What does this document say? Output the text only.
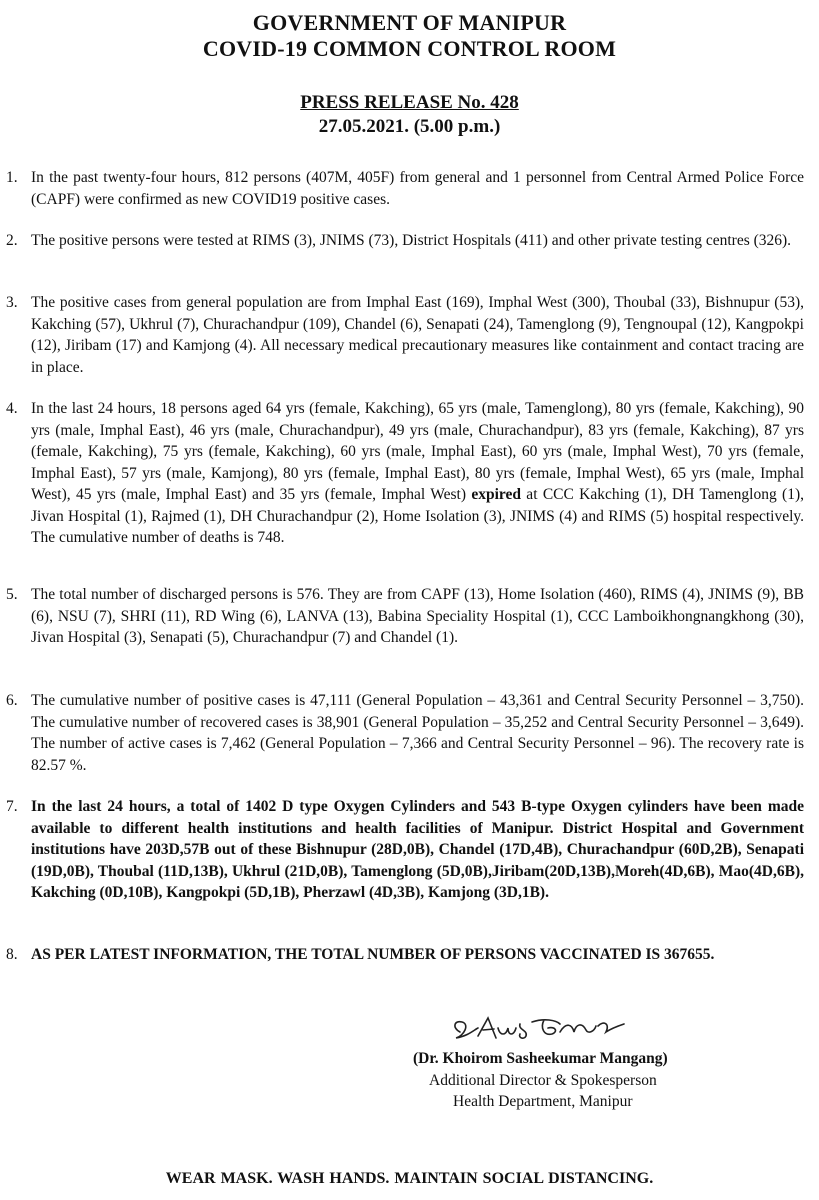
GOVERNMENT OF MANIPUR
COVID-19 COMMON CONTROL ROOM
PRESS RELEASE No. 428
27.05.2021. (5.00 p.m.)
1. In the past twenty-four hours, 812 persons (407M, 405F) from general and 1 personnel from Central Armed Police Force (CAPF) were confirmed as new COVID19 positive cases.
2. The positive persons were tested at RIMS (3), JNIMS (73), District Hospitals (411) and other private testing centres (326).
3. The positive cases from general population are from Imphal East (169), Imphal West (300), Thoubal (33), Bishnupur (53), Kakching (57), Ukhrul (7), Churachandpur (109), Chandel (6), Senapati (24), Tamenglong (9), Tengnoupal (12), Kangpokpi (12), Jiribam (17) and Kamjong (4). All necessary medical precautionary measures like containment and contact tracing are in place.
4. In the last 24 hours, 18 persons aged 64 yrs (female, Kakching), 65 yrs (male, Tamenglong), 80 yrs (female, Kakching), 90 yrs (male, Imphal East), 46 yrs (male, Churachandpur), 49 yrs (male, Churachandpur), 83 yrs (female, Kakching), 87 yrs (female, Kakching), 75 yrs (female, Kakching), 60 yrs (male, Imphal East), 60 yrs (male, Imphal West), 70 yrs (female, Imphal East), 57 yrs (male, Kamjong), 80 yrs (female, Imphal East), 80 yrs (female, Imphal West), 65 yrs (male, Imphal West), 45 yrs (male, Imphal East) and 35 yrs (female, Imphal West) expired at CCC Kakching (1), DH Tamenglong (1), Jivan Hospital (1), Rajmed (1), DH Churachandpur (2), Home Isolation (3), JNIMS (4) and RIMS (5) hospital respectively. The cumulative number of deaths is 748.
5. The total number of discharged persons is 576. They are from CAPF (13), Home Isolation (460), RIMS (4), JNIMS (9), BB (6), NSU (7), SHRI (11), RD Wing (6), LANVA (13), Babina Speciality Hospital (1), CCC Lamboikhongnangkhong (30), Jivan Hospital (3), Senapati (5), Churachandpur (7) and Chandel (1).
6. The cumulative number of positive cases is 47,111 (General Population – 43,361 and Central Security Personnel – 3,750). The cumulative number of recovered cases is 38,901 (General Population – 35,252 and Central Security Personnel – 3,649). The number of active cases is 7,462 (General Population – 7,366 and Central Security Personnel – 96). The recovery rate is 82.57 %.
7. In the last 24 hours, a total of 1402 D type Oxygen Cylinders and 543 B-type Oxygen cylinders have been made available to different health institutions and health facilities of Manipur. District Hospital and Government institutions have 203D,57B out of these Bishnupur (28D,0B), Chandel (17D,4B), Churachandpur (60D,2B), Senapati (19D,0B), Thoubal (11D,13B), Ukhrul (21D,0B), Tamenglong (5D,0B),Jiribam(20D,13B),Moreh(4D,6B), Mao(4D,6B), Kakching (0D,10B), Kangpokpi (5D,1B), Pherzawl (4D,3B), Kamjong (3D,1B).
8. AS PER LATEST INFORMATION, THE TOTAL NUMBER OF PERSONS VACCINATED IS 367655.
(Dr. Khoirom Sasheekumar Mangang)
Additional Director & Spokesperson
Health Department, Manipur
WEAR MASK. WASH HANDS. MAINTAIN SOCIAL DISTANCING.
